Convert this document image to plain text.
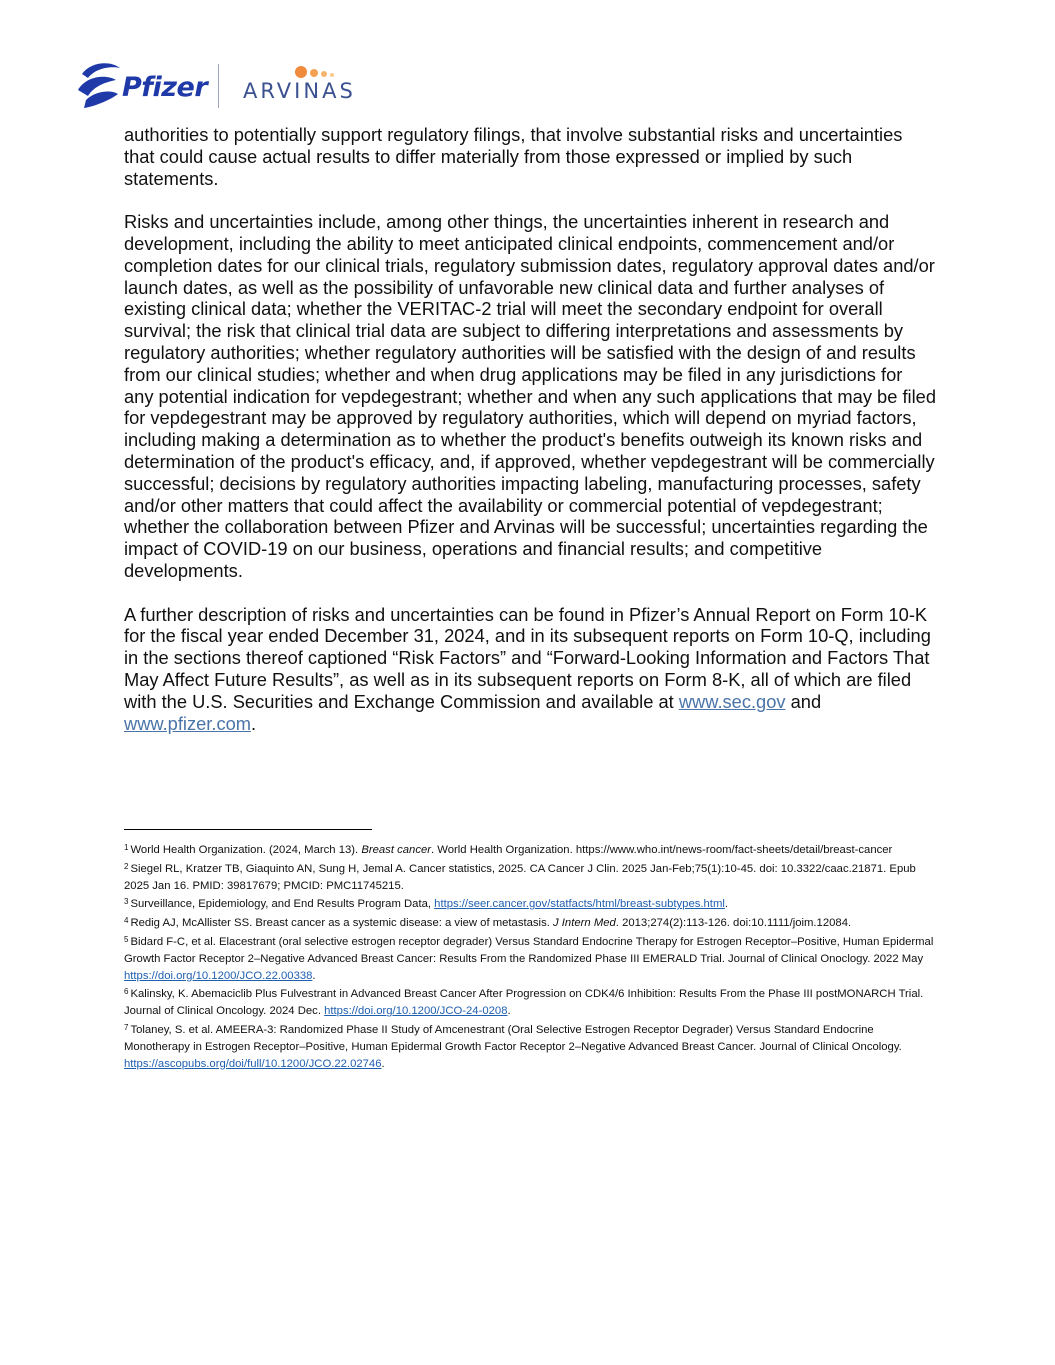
Pfizer ARVINAS

authorities to potentially support regulatory filings, that involve substantial risks and uncertainties that could cause actual results to differ materially from those expressed or implied by such statements.

Risks and uncertainties include, among other things, the uncertainties inherent in research and development, including the ability to meet anticipated clinical endpoints, commencement and/or completion dates for our clinical trials, regulatory submission dates, regulatory approval dates and/or launch dates, as well as the possibility of unfavorable new clinical data and further analyses of existing clinical data; whether the VERITAC-2 trial will meet the secondary endpoint for overall survival; the risk that clinical trial data are subject to differing interpretations and assessments by regulatory authorities; whether regulatory authorities will be satisfied with the design of and results from our clinical studies; whether and when drug applications may be filed in any jurisdictions for any potential indication for vepdegestrant; whether and when any such applications that may be filed for vepdegestrant may be approved by regulatory authorities, which will depend on myriad factors, including making a determination as to whether the product's benefits outweigh its known risks and determination of the product's efficacy, and, if approved, whether vepdegestrant will be commercially successful; decisions by regulatory authorities impacting labeling, manufacturing processes, safety and/or other matters that could affect the availability or commercial potential of vepdegestrant; whether the collaboration between Pfizer and Arvinas will be successful; uncertainties regarding the impact of COVID-19 on our business, operations and financial results; and competitive developments.

A further description of risks and uncertainties can be found in Pfizer’s Annual Report on Form 10-K for the fiscal year ended December 31, 2024, and in its subsequent reports on Form 10-Q, including in the sections thereof captioned “Risk Factors” and “Forward-Looking Information and Factors That May Affect Future Results”, as well as in its subsequent reports on Form 8-K, all of which are filed with the U.S. Securities and Exchange Commission and available at www.sec.gov and www.pfizer.com.

$^1$ World Health Organization. (2024, March 13). Breast cancer. World Health Organization. https://www.who.int/news-room/fact-sheets/detail/breast-cancer

$^2$ Siegel RL, Kratzer TB, Giaquinto AN, Sung H, Jemal A. Cancer statistics, 2025. CA Cancer J Clin. 2025 Jan-Feb;75(1):10-45. doi: 10.3322/caac.21871. Epub 2025 Jan 16. PMID: 39817679; PMCID: PMC11745215.

$^3$ Surveillance, Epidemiology, and End Results Program Data, https://seer.cancer.gov/statfacts/html/breast-subtypes.html.

$^4$ Redig AJ, McAllister SS. Breast cancer as a systemic disease: a view of metastasis. J Intern Med. 2013;274(2):113-126. doi:10.1111/joim.12084.

$^5$ Bidard F-C, et al. Elacestrant (oral selective estrogen receptor degrader) Versus Standard Endocrine Therapy for Estrogen Receptor–Positive, Human Epidermal Growth Factor Receptor 2–Negative Advanced Breast Cancer: Results From the Randomized Phase III EMERALD Trial. Journal of Clinical Onoclogy. 2022 May https://doi.org/10.1200/JCO.22.00338.

$^6$ Kalinsky, K. Abemaciclib Plus Fulvestrant in Advanced Breast Cancer After Progression on CDK4/6 Inhibition: Results From the Phase III postMONARCH Trial. Journal of Clinical Oncology. 2024 Dec. https://doi.org/10.1200/JCO-24-0208.

$^7$ Tolaney, S. et al. AMEERA-3: Randomized Phase II Study of Amcenestrant (Oral Selective Estrogen Receptor Degrader) Versus Standard Endocrine Monotherapy in Estrogen Receptor–Positive, Human Epidermal Growth Factor Receptor 2–Negative Advanced Breast Cancer. Journal of Clinical Oncology. https://ascopubs.org/doi/full/10.1200/JCO.22.02746.
